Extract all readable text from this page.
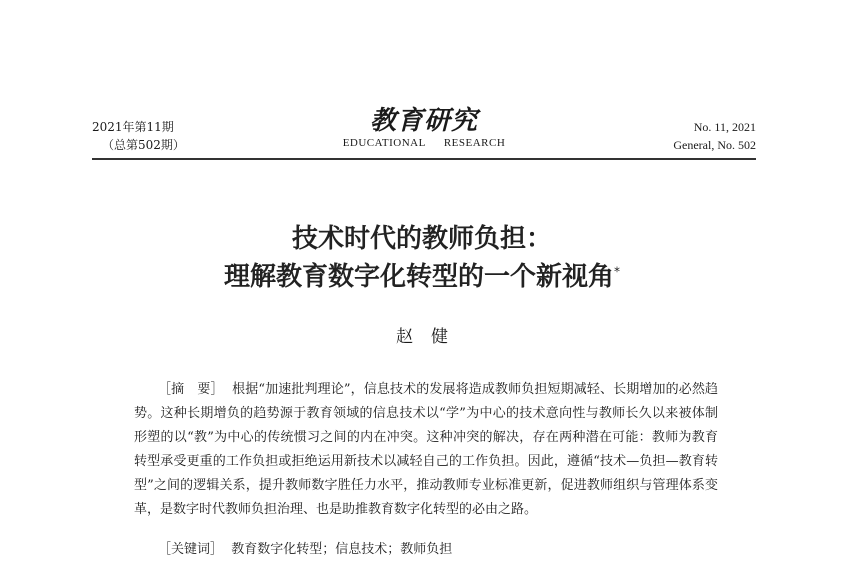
2021年第11期
（总第502期）
教育研究
EDUCATIONAL RESEARCH
No. 11, 2021
General, No. 502
技术时代的教师负担：
理解教育数字化转型的一个新视角*
赵健

［摘　要］ 根据“加速批判理论”，信息技术的发展将造成教师负担短期减轻、长期增加的必然趋势。这种长期增负的趋势源于教育领域的信息技术以“学”为中心的技术意向性与教师长久以来被体制形塑的以“教”为中心的传统惯习之间的内在冲突。这种冲突的解决，存在两种潜在可能：教师为教育转型承受更重的工作负担或拒绝运用新技术以减轻自己的工作负担。因此，遵循“技术—负担—教育转型”之间的逻辑关系，提升教师数字胜任力水平，推动教师专业标准更新，促进教师组织与管理体系变革，是数字时代教师负担治理、也是助推教育数字化转型的必由之路。

［关键词］ 教育数字化转型；信息技术；教师负担
